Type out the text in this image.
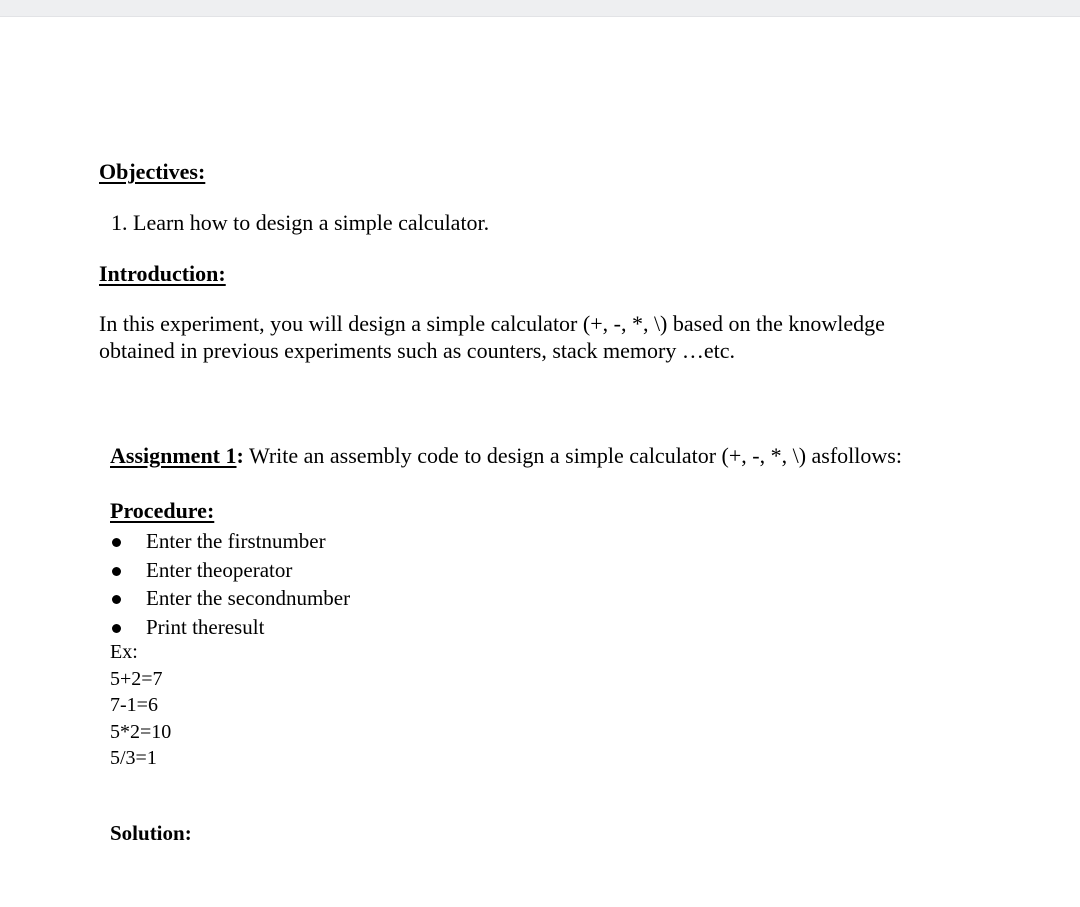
Objectives:
1. Learn how to design a simple calculator.
Introduction:
In this experiment, you will design a simple calculator (+, -, *, \) based on the knowledge
obtained in previous experiments such as counters, stack memory …etc.
Assignment 1: Write an assembly code to design a simple calculator (+, -, *, \) asfollows:
Procedure:
Enter the firstnumber
Enter theoperator
Enter the secondnumber
Print theresult
Ex:
5+2=7
7-1=6
5*2=10
5/3=1
Solution:
